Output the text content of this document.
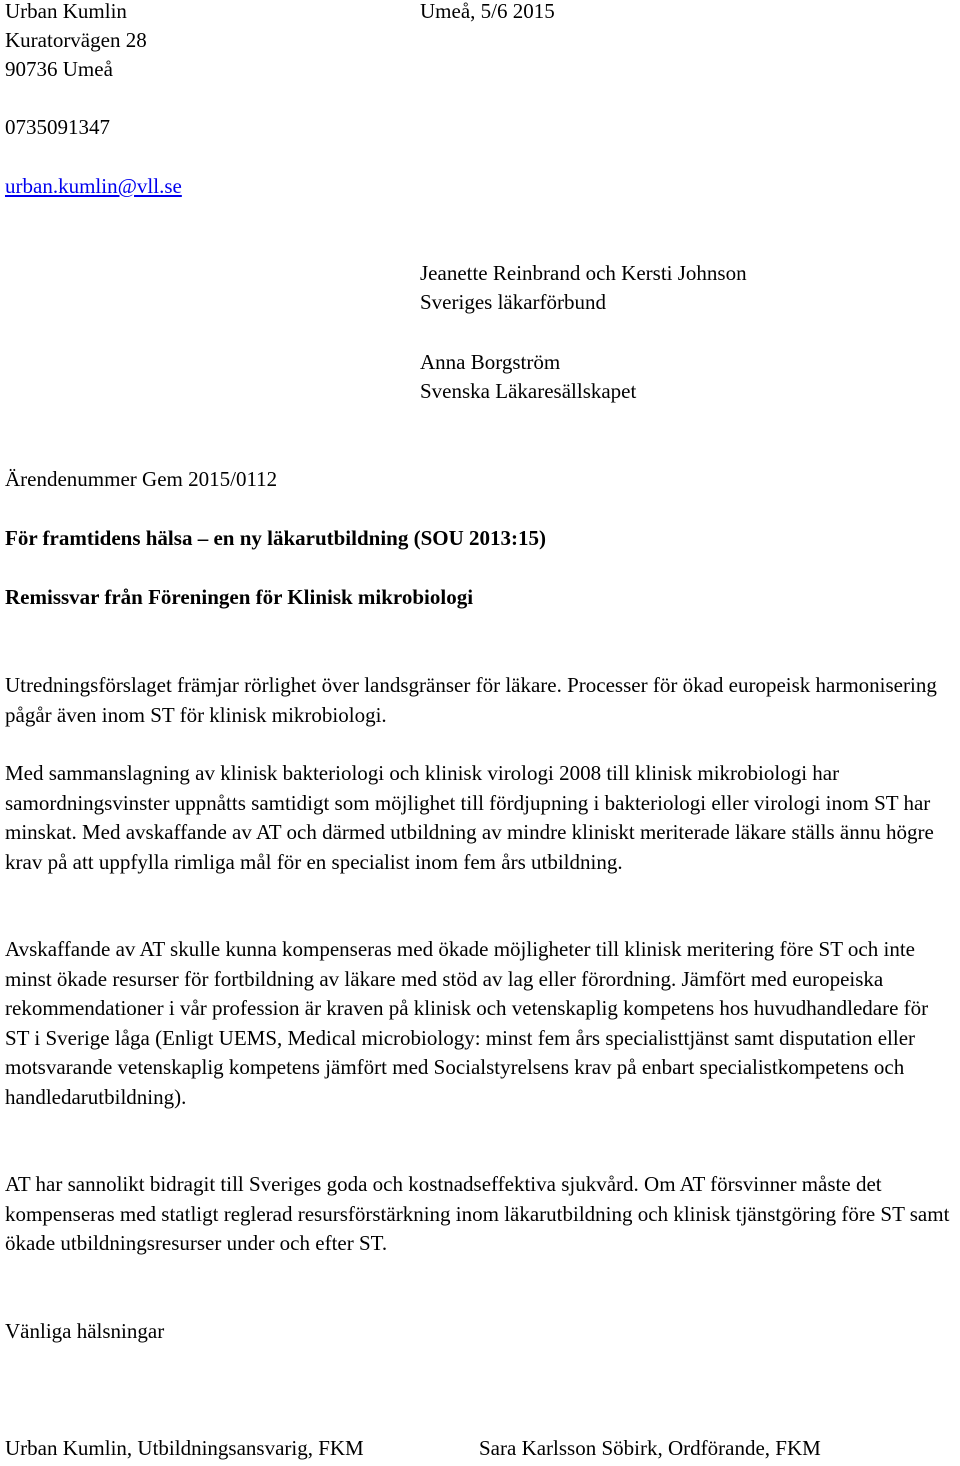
Urban Kumlin
Kuratorvägen 28
90736 Umeå
0735091347
urban.kumlin@vll.se
Umeå, 5/6 2015
Jeanette Reinbrand och Kersti Johnson
Sveriges läkarförbund
Anna Borgström
Svenska Läkaresällskapet
Ärendenummer Gem 2015/0112
För framtidens hälsa – en ny läkarutbildning (SOU 2013:15)
Remissvar från Föreningen för Klinisk mikrobiologi
Utredningsförslaget främjar rörlighet över landsgränser för läkare. Processer för ökad europeisk harmonisering pågår även inom ST för klinisk mikrobiologi.
Med sammanslagning av klinisk bakteriologi och klinisk virologi 2008 till klinisk mikrobiologi har samordningsvinster uppnåtts samtidigt som möjlighet till fördjupning i bakteriologi eller virologi inom ST har minskat. Med avskaffande av AT och därmed utbildning av mindre kliniskt meriterade läkare ställs ännu högre krav på att uppfylla rimliga mål för en specialist inom fem års utbildning.
Avskaffande av AT skulle kunna kompenseras med ökade möjligheter till klinisk meritering före ST och inte minst ökade resurser för fortbildning av läkare med stöd av lag eller förordning. Jämfört med europeiska rekommendationer i vår profession är kraven på klinisk och vetenskaplig kompetens hos huvudhandledare för ST i Sverige låga (Enligt UEMS, Medical microbiology: minst fem års specialisttjänst samt disputation eller motsvarande vetenskaplig kompetens jämfört med Socialstyrelsens krav på enbart specialistkompetens och handledarutbildning).
AT har sannolikt bidragit till Sveriges goda och kostnadseffektiva sjukvård. Om AT försvinner måste det kompenseras med statligt reglerad resursförstärkning inom läkarutbildning och klinisk tjänstgöring före ST samt ökade utbildningsresurser under och efter ST.
Vänliga hälsningar
Urban Kumlin, Utbildningsansvarig, FKM	Sara Karlsson Söbirk, Ordförande, FKM
